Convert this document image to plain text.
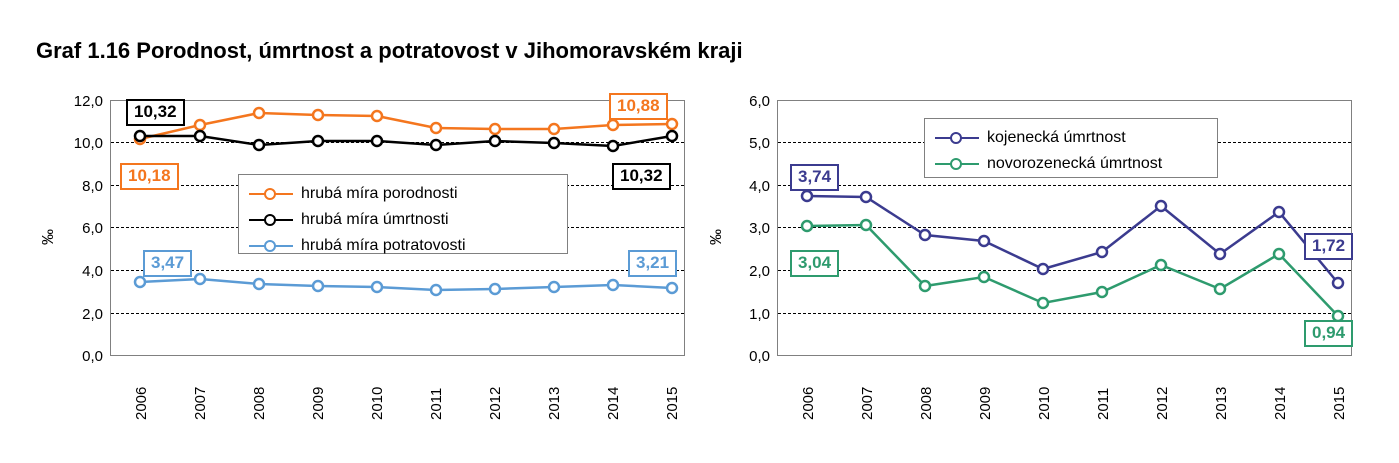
Graf 1.16 Porodnost, úmrtnost a potratovost v Jihomoravském kraji
12,0
10,0
8,0
6,0
4,0
2,0
0,0
‰
10,32
10,18
3,47
10,88
10,32
3,21
hrubá míra porodnosti
hrubá míra úmrtnosti
hrubá míra potratovosti
2006	2007	2008	2009	2010	2011	2012	2013	2014	2015
6,0
5,0
4,0
3,0
2,0
1,0
0,0
‰
3,74
3,04
1,72
0,94
kojenecká úmrtnost
novorozenecká úmrtnost
2006	2007	2008	2009	2010	2011	2012	2013	2014	2015
